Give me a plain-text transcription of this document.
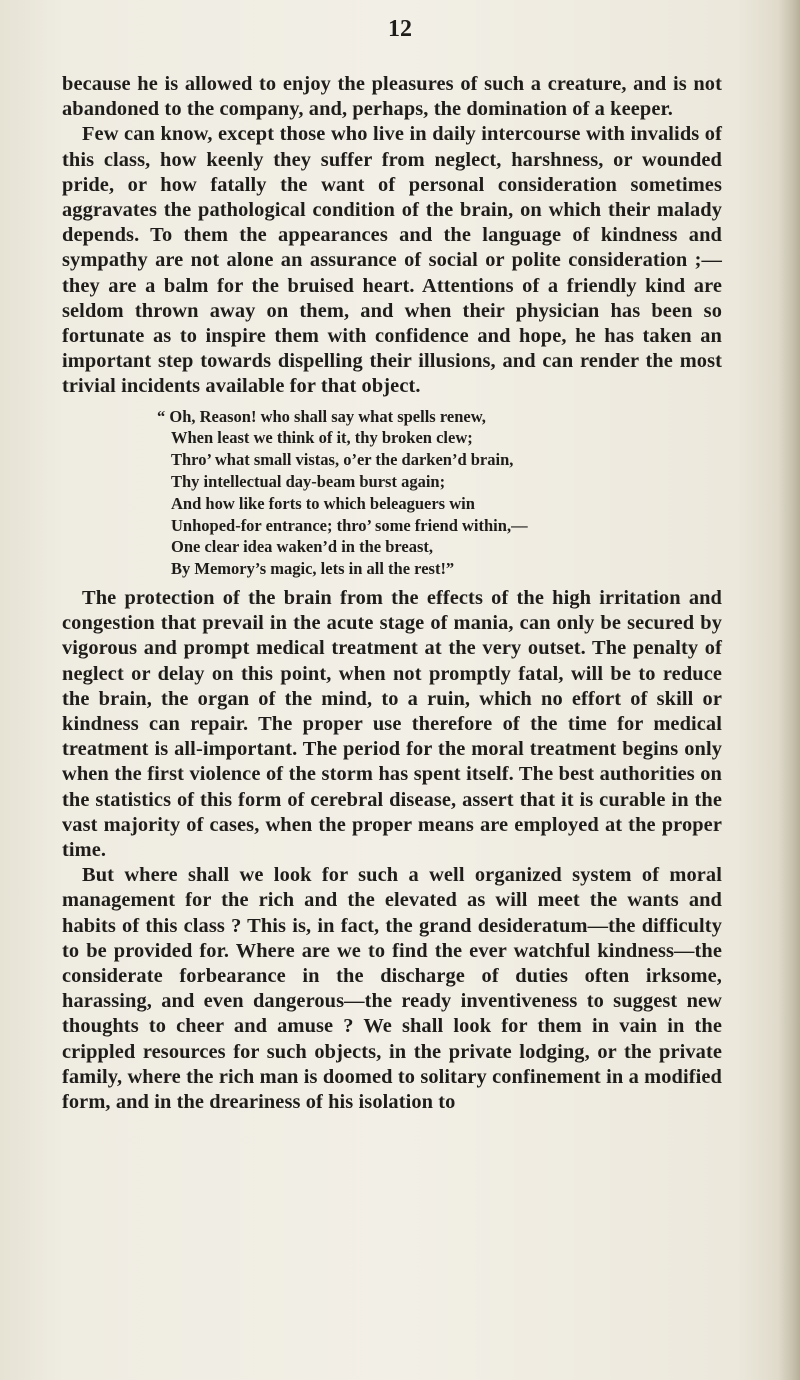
12

because he is allowed to enjoy the pleasures of such a creature, and is not abandoned to the company, and, perhaps, the domination of a keeper.

Few can know, except those who live in daily intercourse with invalids of this class, how keenly they suffer from neglect, harshness, or wounded pride, or how fatally the want of personal consideration sometimes aggravates the pathological condition of the brain, on which their malady depends. To them the appearances and the language of kindness and sympathy are not alone an assurance of social or polite consideration ;—they are a balm for the bruised heart. Attentions of a friendly kind are seldom thrown away on them, and when their physician has been so fortunate as to inspire them with confidence and hope, he has taken an important step towards dispelling their illusions, and can render the most trivial incidents available for that object.

“ Oh, Reason! who shall say what spells renew,
When least we think of it, thy broken clew;
Thro’ what small vistas, o’er the darken’d brain,
Thy intellectual day-beam burst again;
And how like forts to which beleaguers win
Unhoped-for entrance; thro’ some friend within,—
One clear idea waken’d in the breast,
By Memory’s magic, lets in all the rest!”

The protection of the brain from the effects of the high irritation and congestion that prevail in the acute stage of mania, can only be secured by vigorous and prompt medical treatment at the very outset. The penalty of neglect or delay on this point, when not promptly fatal, will be to reduce the brain, the organ of the mind, to a ruin, which no effort of skill or kindness can repair. The proper use therefore of the time for medical treatment is all-important. The period for the moral treatment begins only when the first violence of the storm has spent itself. The best authorities on the statistics of this form of cerebral disease, assert that it is curable in the vast majority of cases, when the proper means are employed at the proper time.

But where shall we look for such a well organized system of moral management for the rich and the elevated as will meet the wants and habits of this class ? This is, in fact, the grand desideratum—the difficulty to be provided for. Where are we to find the ever watchful kindness—the considerate forbearance in the discharge of duties often irksome, harassing, and even dangerous—the ready inventiveness to suggest new thoughts to cheer and amuse ? We shall look for them in vain in the crippled resources for such objects, in the private lodging, or the private family, where the rich man is doomed to solitary confinement in a modified form, and in the dreariness of his isolation to
